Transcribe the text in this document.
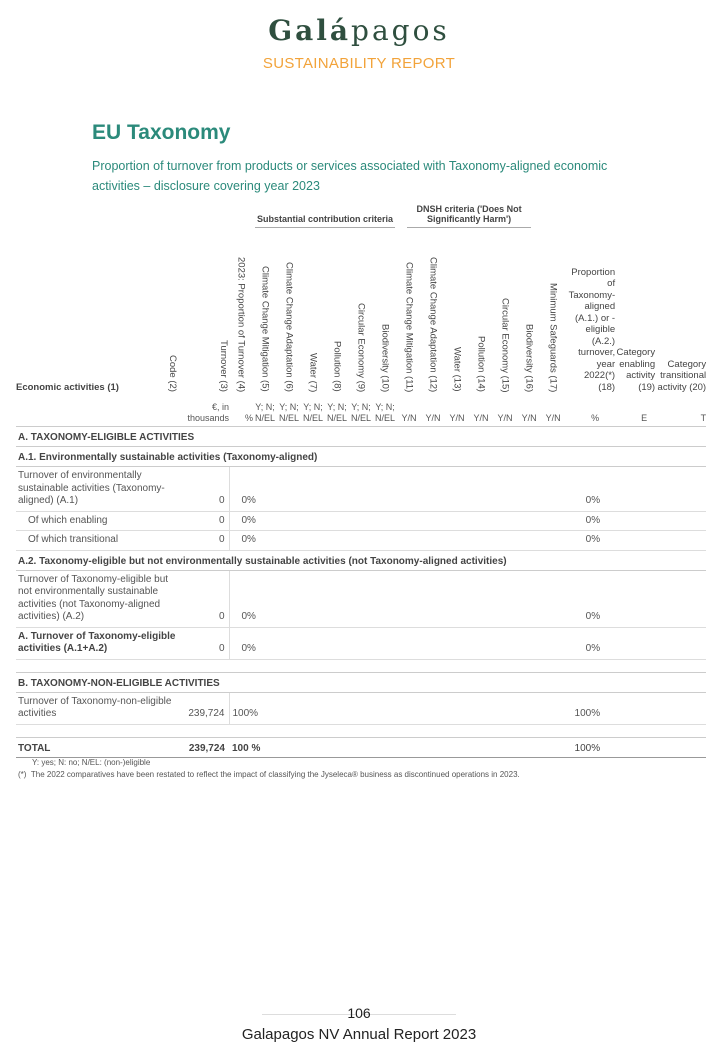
Galápagos
SUSTAINABILITY REPORT
EU Taxonomy
Proportion of turnover from products or services associated with Taxonomy-aligned economic activities – disclosure covering year 2023
				Substantial contribution criteria						DNSH criteria ('Does Not Significantly Harm')									
Economic activities (1)	Code (2)	Turnover (3)	2023: Proportion of Turnover (4)	Climate Change Mitigation (5)	Climate Change Adaptation (6)	Water (7)	Pollution (8)	Circular Economy (9)	Biodiversity (10)	Climate Change Mitigation (11)	Climate Change Adaptation (12)	Water (13)	Pollution (14)	Circular Economy (15)	Biodiversity (16)	Minimum Safeguards (17)	Proportion of Taxonomy-aligned (A.1.) or -eligible (A.2.) turnover, year 2022(*) (18)	Category enabling activity (19)	Category transitional activity (20)
		€, in thousands	%	Y; N; N/EL	Y; N; N/EL	Y; N; N/EL	Y; N; N/EL	Y; N; N/EL	Y; N; N/EL	Y/N	Y/N	Y/N	Y/N	Y/N	Y/N	Y/N	%	E	T
A. TAXONOMY-ELIGIBLE ACTIVITIES																			
A.1. Environmentally sustainable activities (Taxonomy-aligned)																			
Turnover of environmentally sustainable activities (Taxonomy-aligned) (A.1)		0	0%														0%		
Of which enabling		0	0%														0%		
Of which transitional		0	0%														0%		
A.2. Taxonomy-eligible but not environmentally sustainable activities (not Taxonomy-aligned activities)																			
Turnover of Taxonomy-eligible but not environmentally sustainable activities (not Taxonomy-aligned activities) (A.2)		0	0%														0%		
A. Turnover of Taxonomy-eligible activities (A.1+A.2)		0	0%														0%		

B. TAXONOMY-NON-ELIGIBLE ACTIVITIES																			
Turnover of Taxonomy-non-eligible activities		239,724	100%														100%		

TOTAL		239,724	100 %														100%		
Y: yes; N: no; N/EL: (non-)eligible
(*) The 2022 comparatives have been restated to reflect the impact of classifying the Jyseleca® business as discontinued operations in 2023.
106
Galapagos NV Annual Report 2023
